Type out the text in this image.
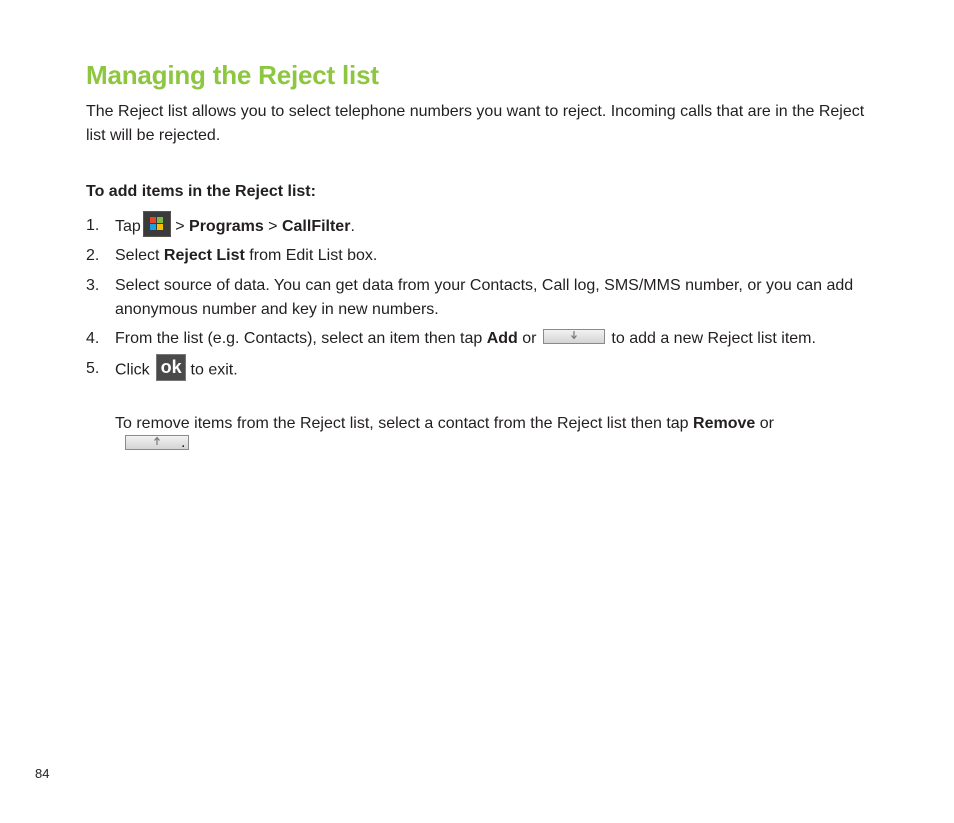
Managing the Reject list

The Reject list allows you to select telephone numbers you want to reject. Incoming calls that are in the Reject list will be rejected.

To add items in the Reject list:

1. Tap > Programs > CallFilter.
2. Select Reject List from Edit List box.
3. Select source of data. You can get data from your Contacts, Call log, SMS/MMS number, or you can add anonymous number and key in new numbers.
4. From the list (e.g. Contacts), select an item then tap Add or	to add a new Reject list item.
5. Click ok to exit.
To remove items from the Reject list, select a contact from the Reject list then tap Remove or
.
84
